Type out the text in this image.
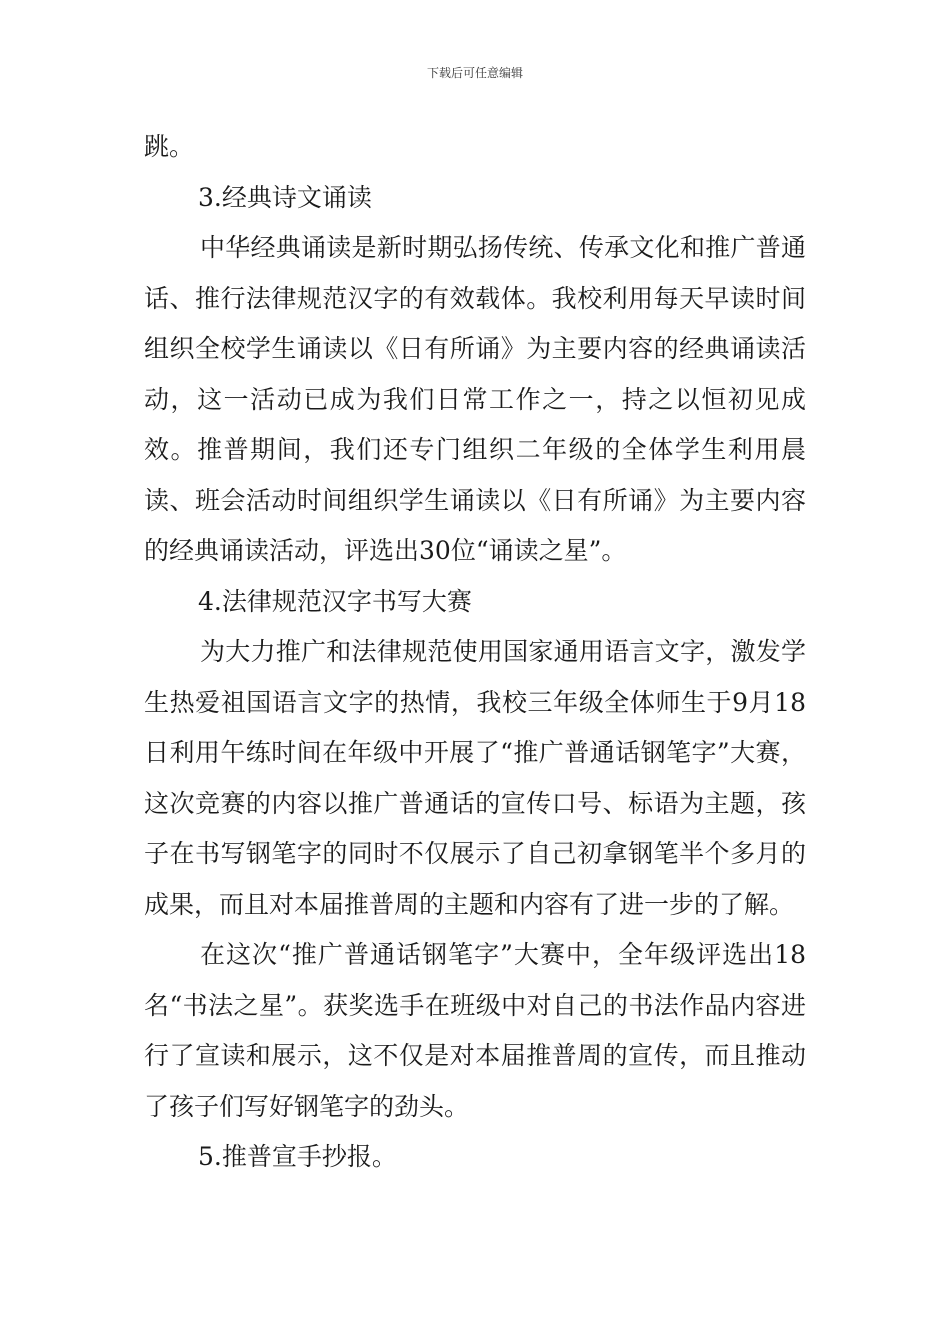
下载后可任意编辑

跳。

3.经典诗文诵读

中华经典诵读是新时期弘扬传统、传承文化和推广普通话、推行法律规范汉字的有效载体。我校利用每天早读时间组织全校学生诵读以《日有所诵》为主要内容的经典诵读活动，这一活动已成为我们日常工作之一，持之以恒初见成效。推普期间，我们还专门组织二年级的全体学生利用晨读、班会活动时间组织学生诵读以《日有所诵》为主要内容的经典诵读活动，评选出30位“诵读之星”。

4.法律规范汉字书写大赛

为大力推广和法律规范使用国家通用语言文字，激发学生热爱祖国语言文字的热情，我校三年级全体师生于9月18日利用午练时间在年级中开展了“推广普通话钢笔字”大赛，这次竞赛的内容以推广普通话的宣传口号、标语为主题，孩子在书写钢笔字的同时不仅展示了自己初拿钢笔半个多月的成果，而且对本届推普周的主题和内容有了进一步的了解。

在这次“推广普通话钢笔字”大赛中，全年级评选出18名“书法之星”。获奖选手在班级中对自己的书法作品内容进行了宣读和展示，这不仅是对本届推普周的宣传，而且推动了孩子们写好钢笔字的劲头。

5.推普宣手抄报。
